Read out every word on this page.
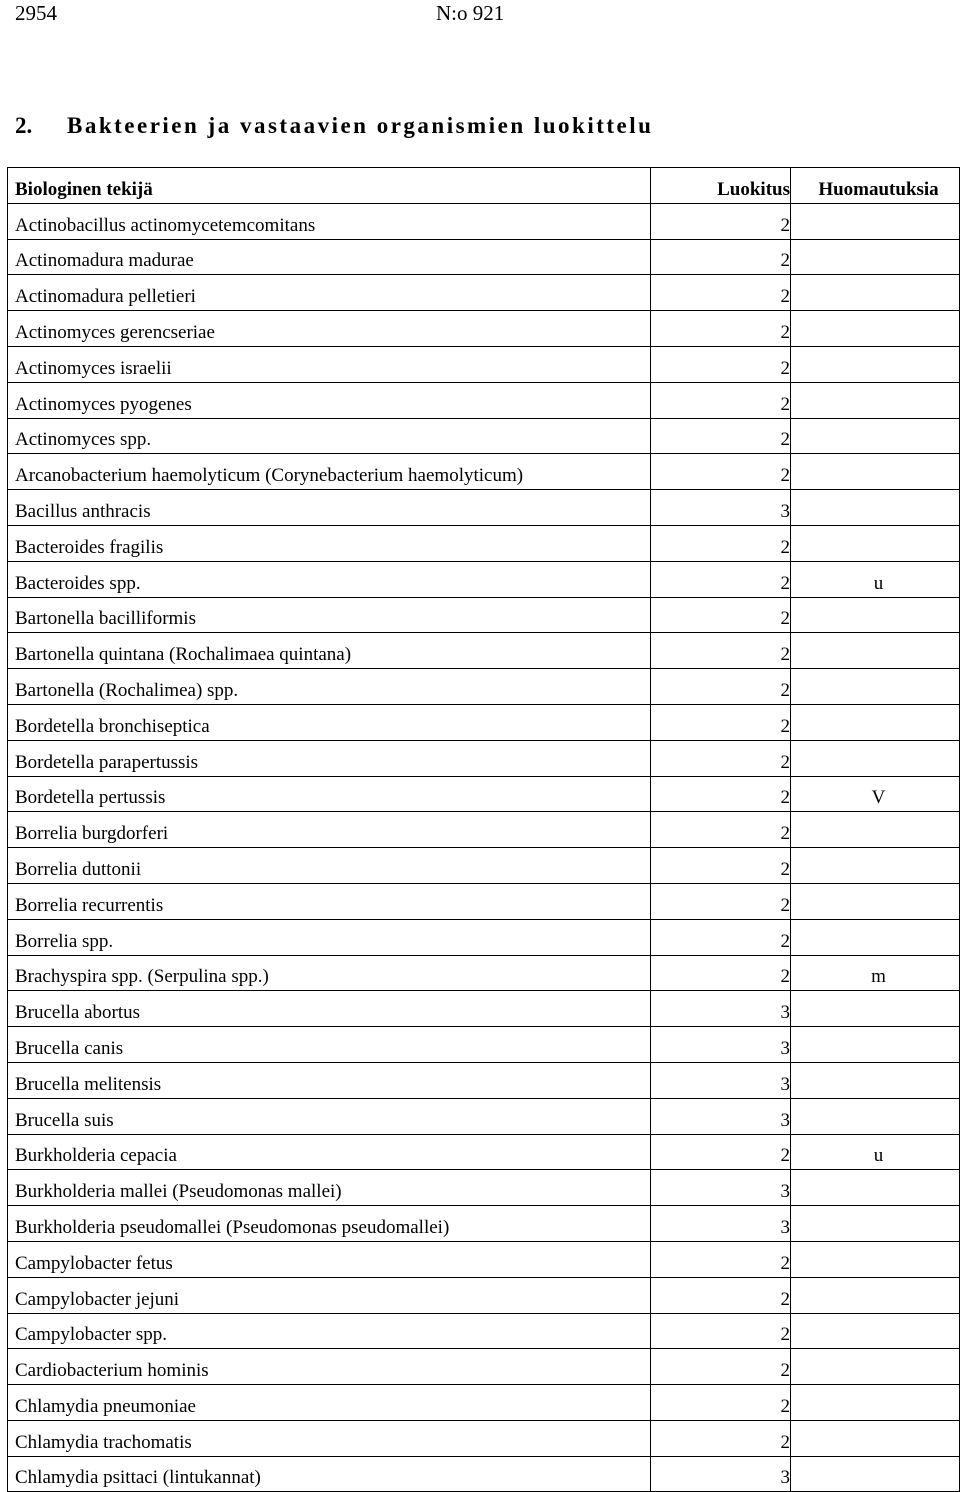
2954	N:o 921
2. Bakteerien ja vastaavien organismien luokittelu
Biologinen tekijä	Luokitus	Huomautuksia
Actinobacillus actinomycetemcomitans	2	
Actinomadura madurae	2	
Actinomadura pelletieri	2	
Actinomyces gerencseriae	2	
Actinomyces israelii	2	
Actinomyces pyogenes	2	
Actinomyces spp.	2	
Arcanobacterium haemolyticum (Corynebacterium haemolyticum)	2	
Bacillus anthracis	3	
Bacteroides fragilis	2	
Bacteroides spp.	2	u
Bartonella bacilliformis	2	
Bartonella quintana (Rochalimaea quintana)	2	
Bartonella (Rochalimea) spp.	2	
Bordetella bronchiseptica	2	
Bordetella parapertussis	2	
Bordetella pertussis	2	V
Borrelia burgdorferi	2	
Borrelia duttonii	2	
Borrelia recurrentis	2	
Borrelia spp.	2	
Brachyspira spp. (Serpulina spp.)	2	m
Brucella abortus	3	
Brucella canis	3	
Brucella melitensis	3	
Brucella suis	3	
Burkholderia cepacia	2	u
Burkholderia mallei (Pseudomonas mallei)	3	
Burkholderia pseudomallei (Pseudomonas pseudomallei)	3	
Campylobacter fetus	2	
Campylobacter jejuni	2	
Campylobacter spp.	2	
Cardiobacterium hominis	2	
Chlamydia pneumoniae	2	
Chlamydia trachomatis	2	
Chlamydia psittaci (lintukannat)	3	
